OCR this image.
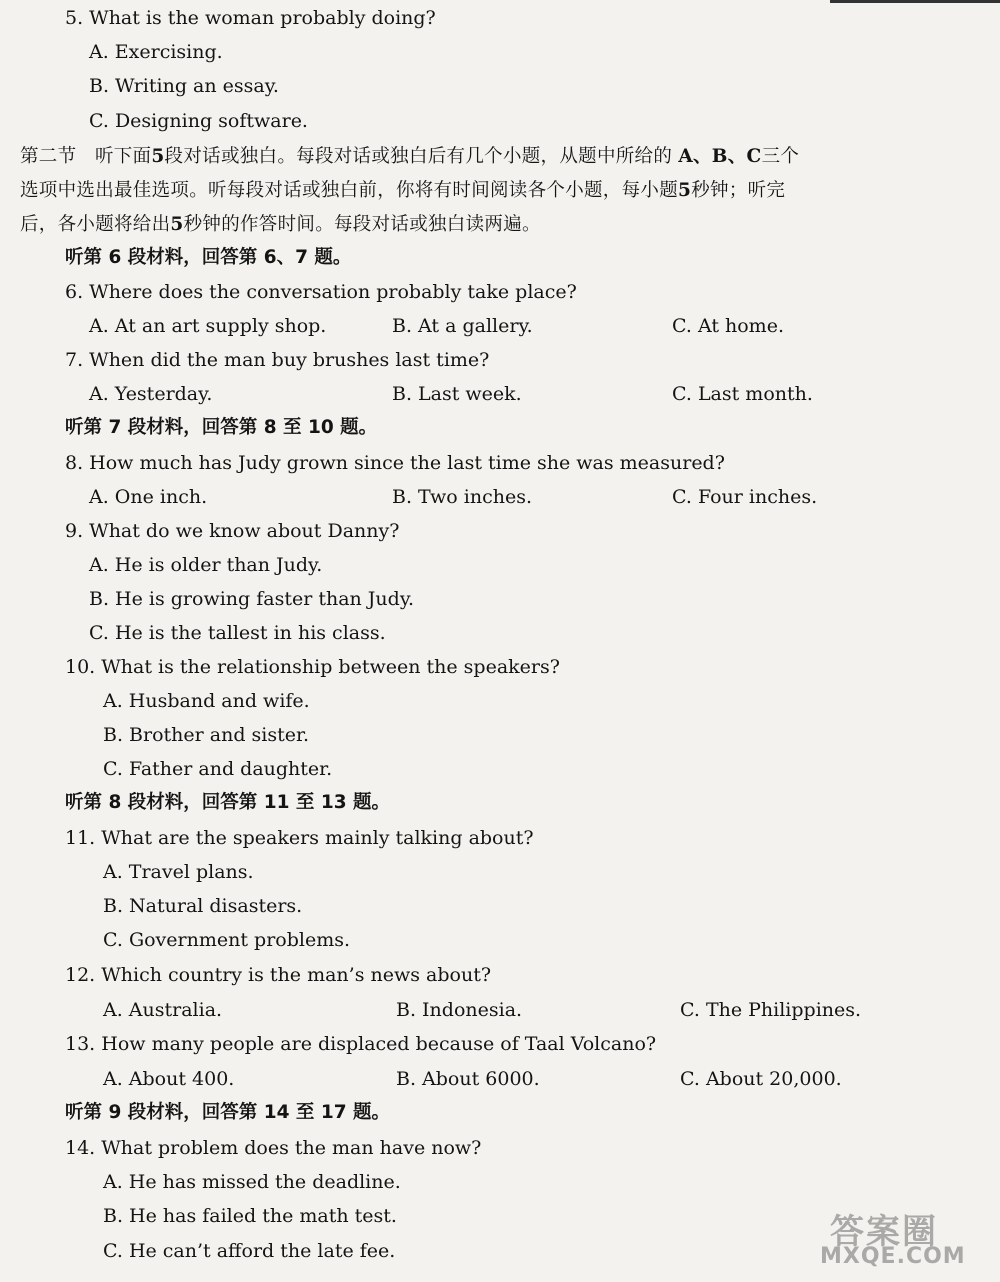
5. What is the woman probably doing?
A. Exercising.
B. Writing an essay.
C. Designing software.
第二节 听下面5段对话或独白。每段对话或独白后有几个小题，从题中所给的 A、B、C三个
选项中选出最佳选项。听每段对话或独白前，你将有时间阅读各个小题，每小题5秒钟；听完
后，各小题将给出5秒钟的作答时间。每段对话或独白读两遍。
听第 6 段材料，回答第 6、7 题。
6. Where does the conversation probably take place?
A. At an art supply shop.	B. At a gallery.	C. At home.
7. When did the man buy brushes last time?
A. Yesterday.	B. Last week.	C. Last month.
听第 7 段材料，回答第 8 至 10 题。
8. How much has Judy grown since the last time she was measured?
A. One inch.	B. Two inches.	C. Four inches.
9. What do we know about Danny?
A. He is older than Judy.
B. He is growing faster than Judy.
C. He is the tallest in his class.
10. What is the relationship between the speakers?
A. Husband and wife.
B. Brother and sister.
C. Father and daughter.
听第 8 段材料，回答第 11 至 13 题。
11. What are the speakers mainly talking about?
A. Travel plans.
B. Natural disasters.
C. Government problems.
12. Which country is the man’s news about?
A. Australia.	B. Indonesia.	C. The Philippines.
13. How many people are displaced because of Taal Volcano?
A. About 400.	B. About 6000.	C. About 20,000.
听第 9 段材料，回答第 14 至 17 题。
14. What problem does the man have now?
A. He has missed the deadline.
B. He has failed the math test.
C. He can’t afford the late fee.	答案圈
MXQE.COM
